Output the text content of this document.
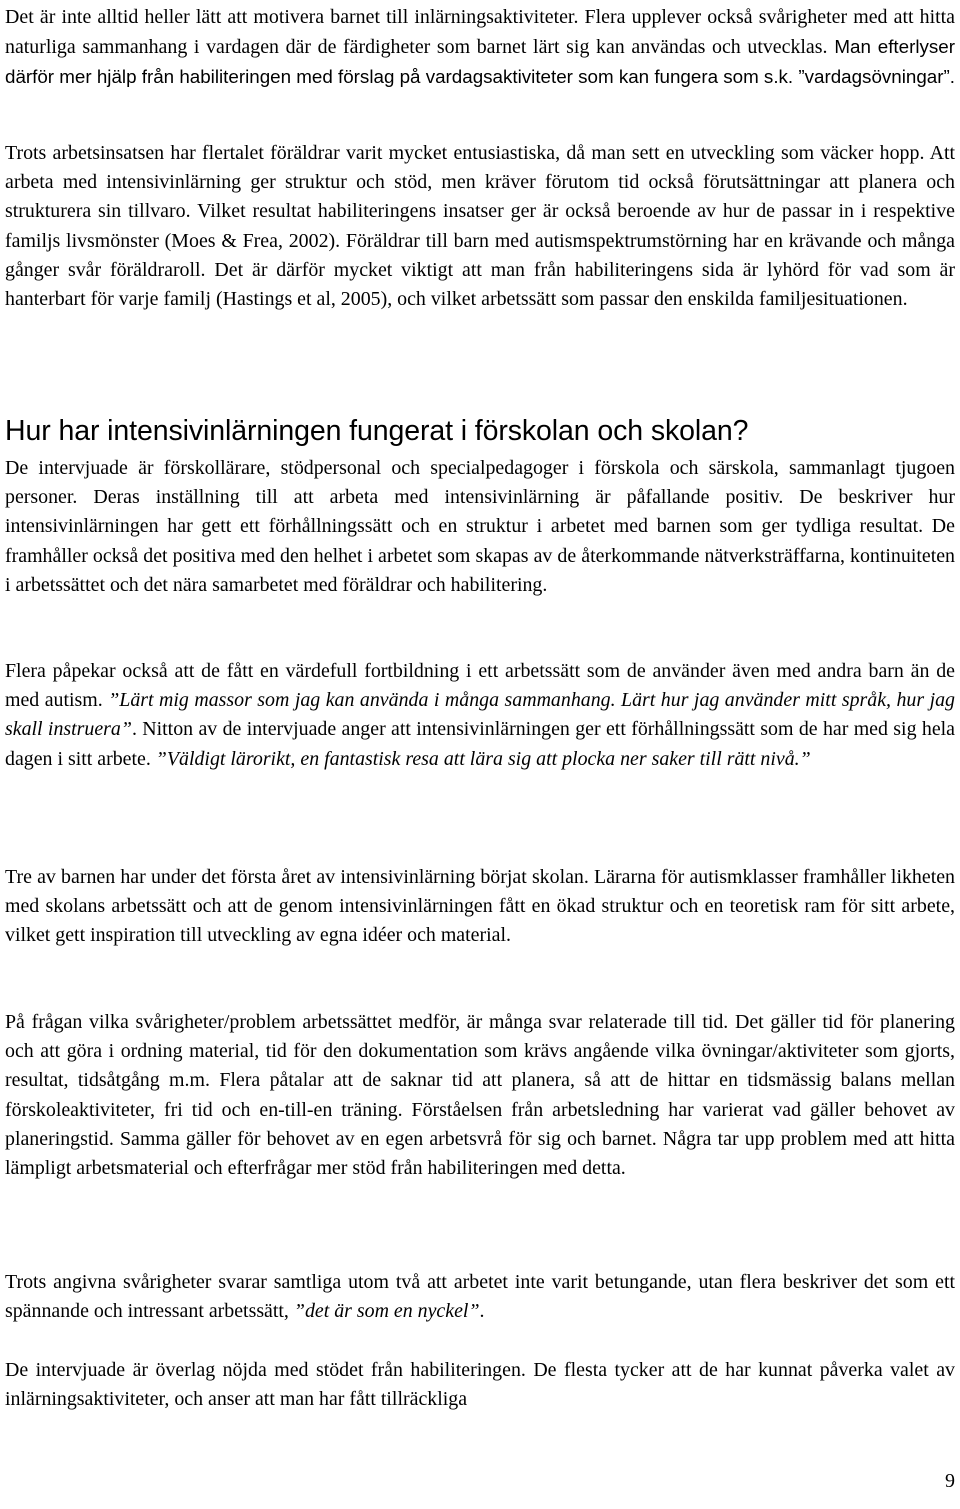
Det är inte alltid heller lätt att motivera barnet till inlärningsaktiviteter. Flera upplever också svårigheter med att hitta naturliga sammanhang i vardagen där de färdigheter som barnet lärt sig kan användas och utvecklas. Man efterlyser därför mer hjälp från habiliteringen med förslag på vardagsaktiviteter som kan fungera som s.k. ”vardagsövningar”.

Trots arbetsinsatsen har flertalet föräldrar varit mycket entusiastiska, då man sett en utveckling som väcker hopp. Att arbeta med intensivinlärning ger struktur och stöd, men kräver förutom tid också förutsättningar att planera och strukturera sin tillvaro. Vilket resultat habiliteringens insatser ger är också beroende av hur de passar in i respektive familjs livsmönster (Moes & Frea, 2002). Föräldrar till barn med autismspektrumstörning har en krävande och många gånger svår föräldraroll. Det är därför mycket viktigt att man från habiliteringens sida är lyhörd för vad som är hanterbart för varje familj (Hastings et al, 2005), och vilket arbetssätt som passar den enskilda familjesituationen.

Hur har intensivinlärningen fungerat i förskolan och skolan?

De intervjuade är förskollärare, stödpersonal och specialpedagoger i förskola och särskola, sammanlagt tjugoen personer. Deras inställning till att arbeta med intensivinlärning är påfallande positiv. De beskriver hur intensivinlärningen har gett ett förhållningssätt och en struktur i arbetet med barnen som ger tydliga resultat. De framhåller också det positiva med den helhet i arbetet som skapas av de återkommande nätverksträffarna, kontinuiteten i arbetssättet och det nära samarbetet med föräldrar och habilitering.

Flera påpekar också att de fått en värdefull fortbildning i ett arbetssätt som de använder även med andra barn än de med autism. ”Lärt mig massor som jag kan använda i många sammanhang. Lärt hur jag använder mitt språk, hur jag skall instruera”. Nitton av de intervjuade anger att intensivinlärningen ger ett förhållningssätt som de har med sig hela dagen i sitt arbete. ”Väldigt lärorikt, en fantastisk resa att lära sig att plocka ner saker till rätt nivå.”

Tre av barnen har under det första året av intensivinlärning börjat skolan. Lärarna för autismklasser framhåller likheten med skolans arbetssätt och att de genom intensivinlärningen fått en ökad struktur och en teoretisk ram för sitt arbete, vilket gett inspiration till utveckling av egna idéer och material.

På frågan vilka svårigheter/problem arbetssättet medför, är många svar relaterade till tid. Det gäller tid för planering och att göra i ordning material, tid för den dokumentation som krävs angående vilka övningar/aktiviteter som gjorts, resultat, tidsåtgång m.m. Flera påtalar att de saknar tid att planera, så att de hittar en tidsmässig balans mellan förskoleaktiviteter, fri tid och en-till-en träning. Förståelsen från arbetsledning har varierat vad gäller behovet av planeringstid. Samma gäller för behovet av en egen arbetsvrå för sig och barnet. Några tar upp problem med att hitta lämpligt arbetsmaterial och efterfrågar mer stöd från habiliteringen med detta.

Trots angivna svårigheter svarar samtliga utom två att arbetet inte varit betungande, utan flera beskriver det som ett spännande och intressant arbetssätt, ”det är som en nyckel”.

De intervjuade är överlag nöjda med stödet från habiliteringen. De flesta tycker att de har kunnat påverka valet av inlärningsaktiviteter, och anser att man har fått tillräckliga

9
